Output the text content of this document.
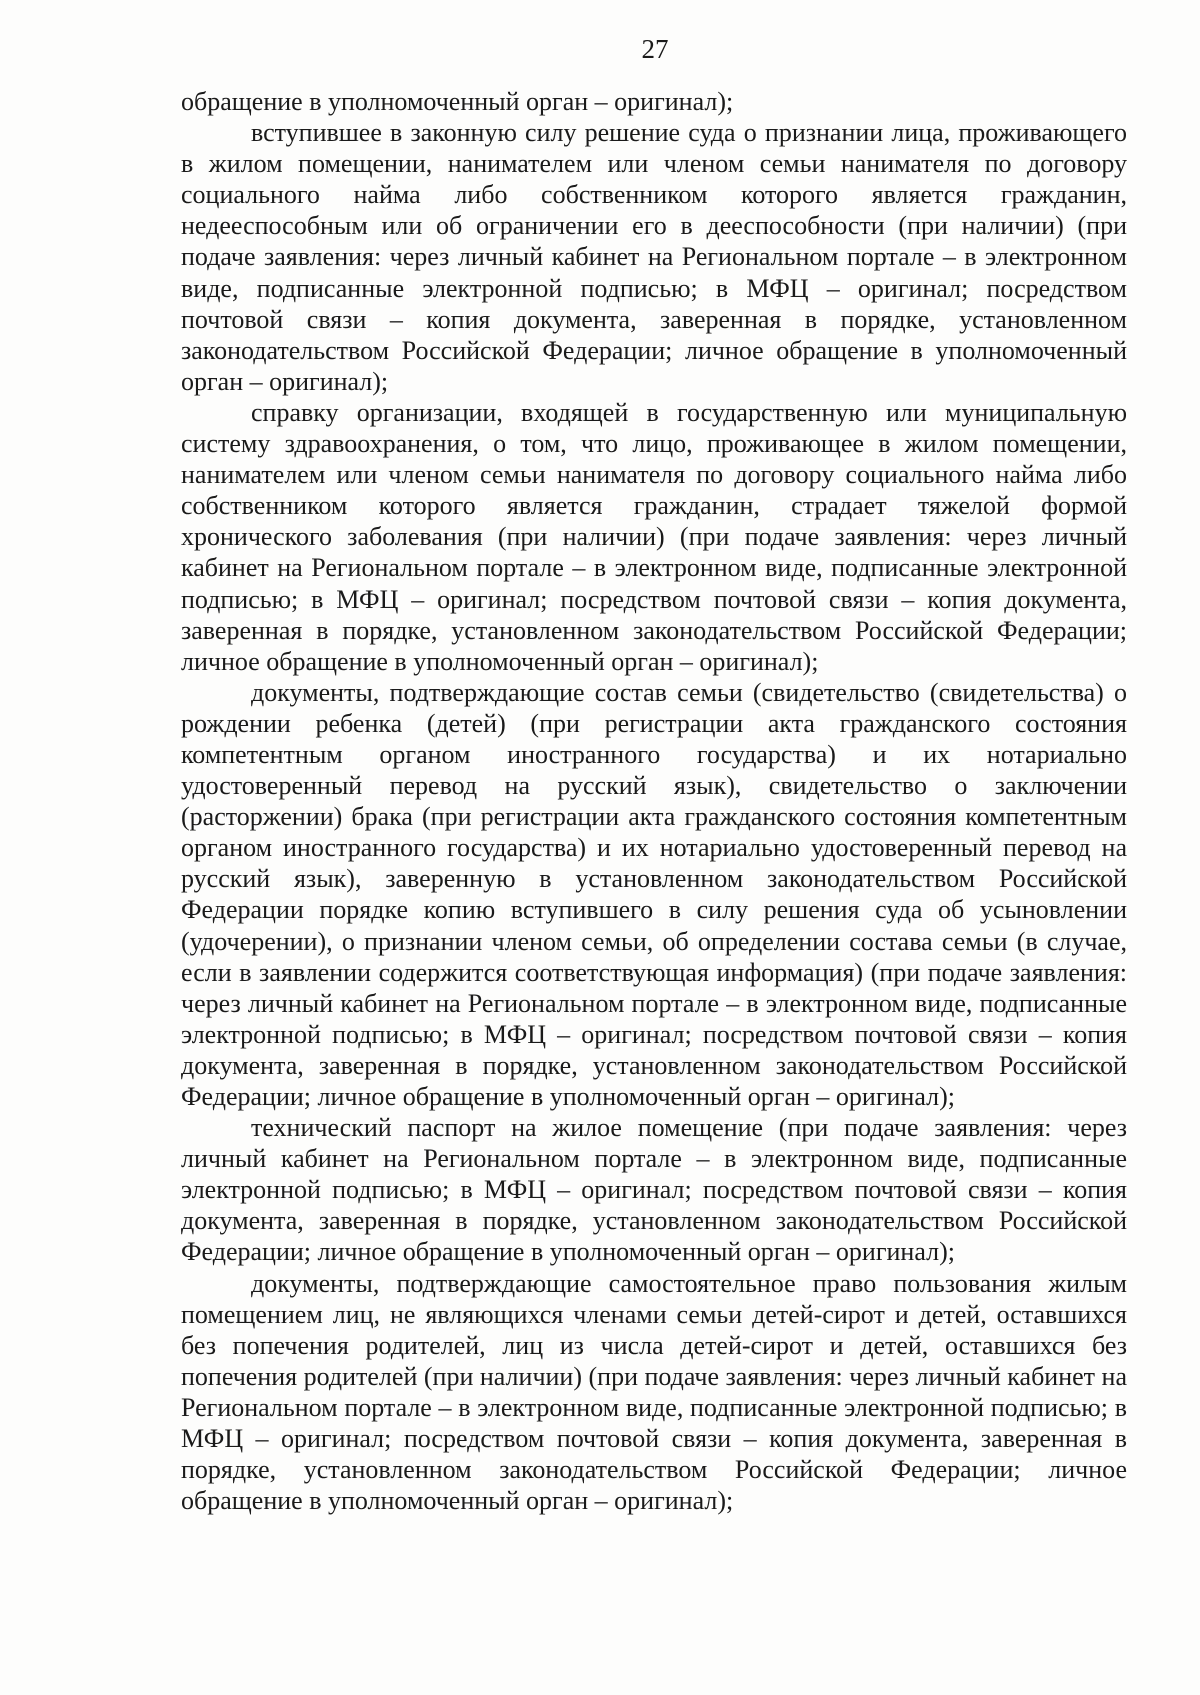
27

обращение в уполномоченный орган – оригинал);

вступившее в законную силу решение суда о признании лица, проживающего в жилом помещении, нанимателем или членом семьи нанимателя по договору социального найма либо собственником которого является гражданин, недееспособным или об ограничении его в дееспособности (при наличии) (при подаче заявления: через личный кабинет на Региональном портале – в электронном виде, подписанные электронной подписью; в МФЦ – оригинал; посредством почтовой связи – копия документа, заверенная в порядке, установленном законодательством Российской Федерации; личное обращение в уполномоченный орган – оригинал);

справку организации, входящей в государственную или муниципальную систему здравоохранения, о том, что лицо, проживающее в жилом помещении, нанимателем или членом семьи нанимателя по договору социального найма либо собственником которого является гражданин, страдает тяжелой формой хронического заболевания (при наличии) (при подаче заявления: через личный кабинет на Региональном портале – в электронном виде, подписанные электронной подписью; в МФЦ – оригинал; посредством почтовой связи – копия документа, заверенная в порядке, установленном законодательством Российской Федерации; личное обращение в уполномоченный орган – оригинал);

документы, подтверждающие состав семьи (свидетельство (свидетельства) о рождении ребенка (детей) (при регистрации акта гражданского состояния компетентным органом иностранного государства) и их нотариально удостоверенный перевод на русский язык), свидетельство о заключении (расторжении) брака (при регистрации акта гражданского состояния компетентным органом иностранного государства) и их нотариально удостоверенный перевод на русский язык), заверенную в установленном законодательством Российской Федерации порядке копию вступившего в силу решения суда об усыновлении (удочерении), о признании членом семьи, об определении состава семьи (в случае, если в заявлении содержится соответствующая информация) (при подаче заявления: через личный кабинет на Региональном портале – в электронном виде, подписанные электронной подписью; в МФЦ – оригинал; посредством почтовой связи – копия документа, заверенная в порядке, установленном законодательством Российской Федерации; личное обращение в уполномоченный орган – оригинал);

технический паспорт на жилое помещение (при подаче заявления: через личный кабинет на Региональном портале – в электронном виде, подписанные электронной подписью; в МФЦ – оригинал; посредством почтовой связи – копия документа, заверенная в порядке, установленном законодательством Российской Федерации; личное обращение в уполномоченный орган – оригинал);

документы, подтверждающие самостоятельное право пользования жилым помещением лиц, не являющихся членами семьи детей-сирот и детей, оставшихся без попечения родителей, лиц из числа детей-сирот и детей, оставшихся без попечения родителей (при наличии) (при подаче заявления: через личный кабинет на Региональном портале – в электронном виде, подписанные электронной подписью; в МФЦ – оригинал; посредством почтовой связи – копия документа, заверенная в порядке, установленном законодательством Российской Федерации; личное обращение в уполномоченный орган – оригинал);
